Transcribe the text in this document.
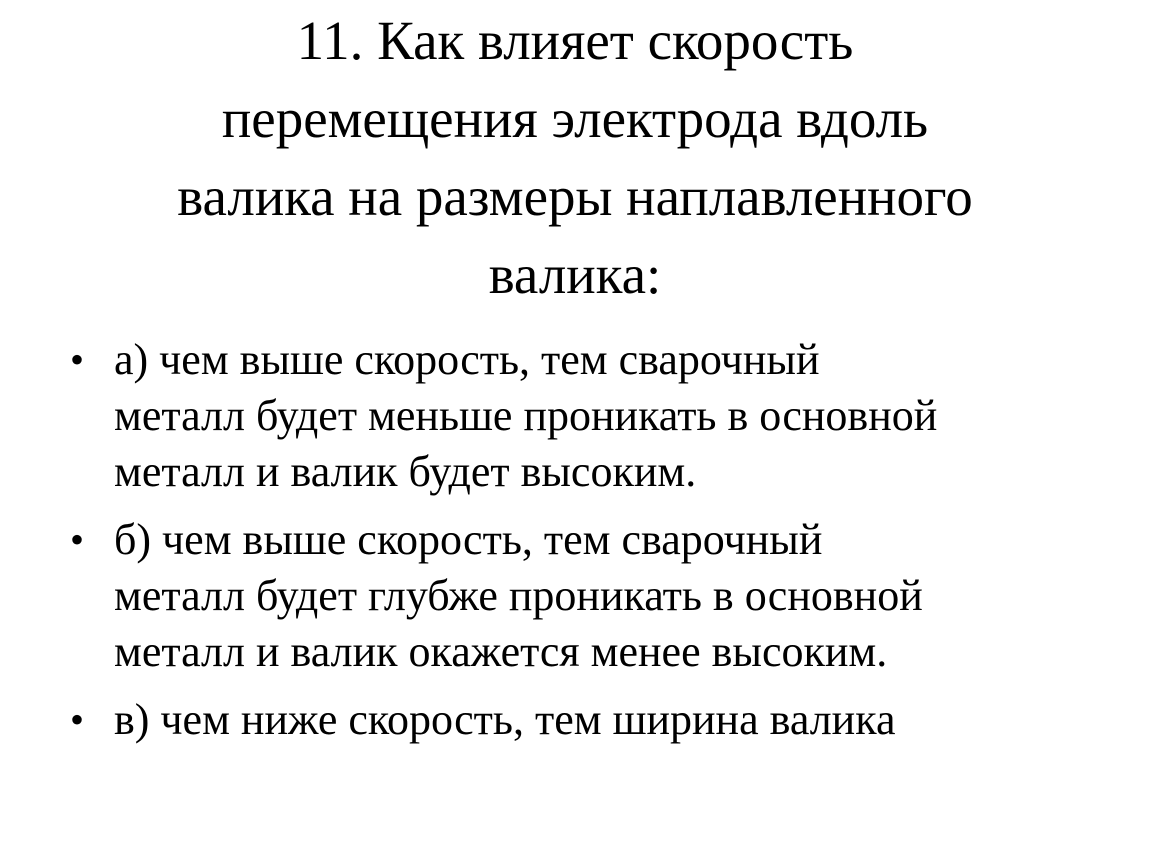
11. Как влияет скорость
перемещения электрода вдоль
валика на размеры наплавленного
валика:
• а) чем выше скорость, тем сварочный
металл будет меньше проникать в основной
металл и валик будет высоким.
• б) чем выше скорость, тем сварочный
металл будет глубже проникать в основной
металл и валик окажется менее высоким.
• в) чем ниже скорость, тем ширина валика
